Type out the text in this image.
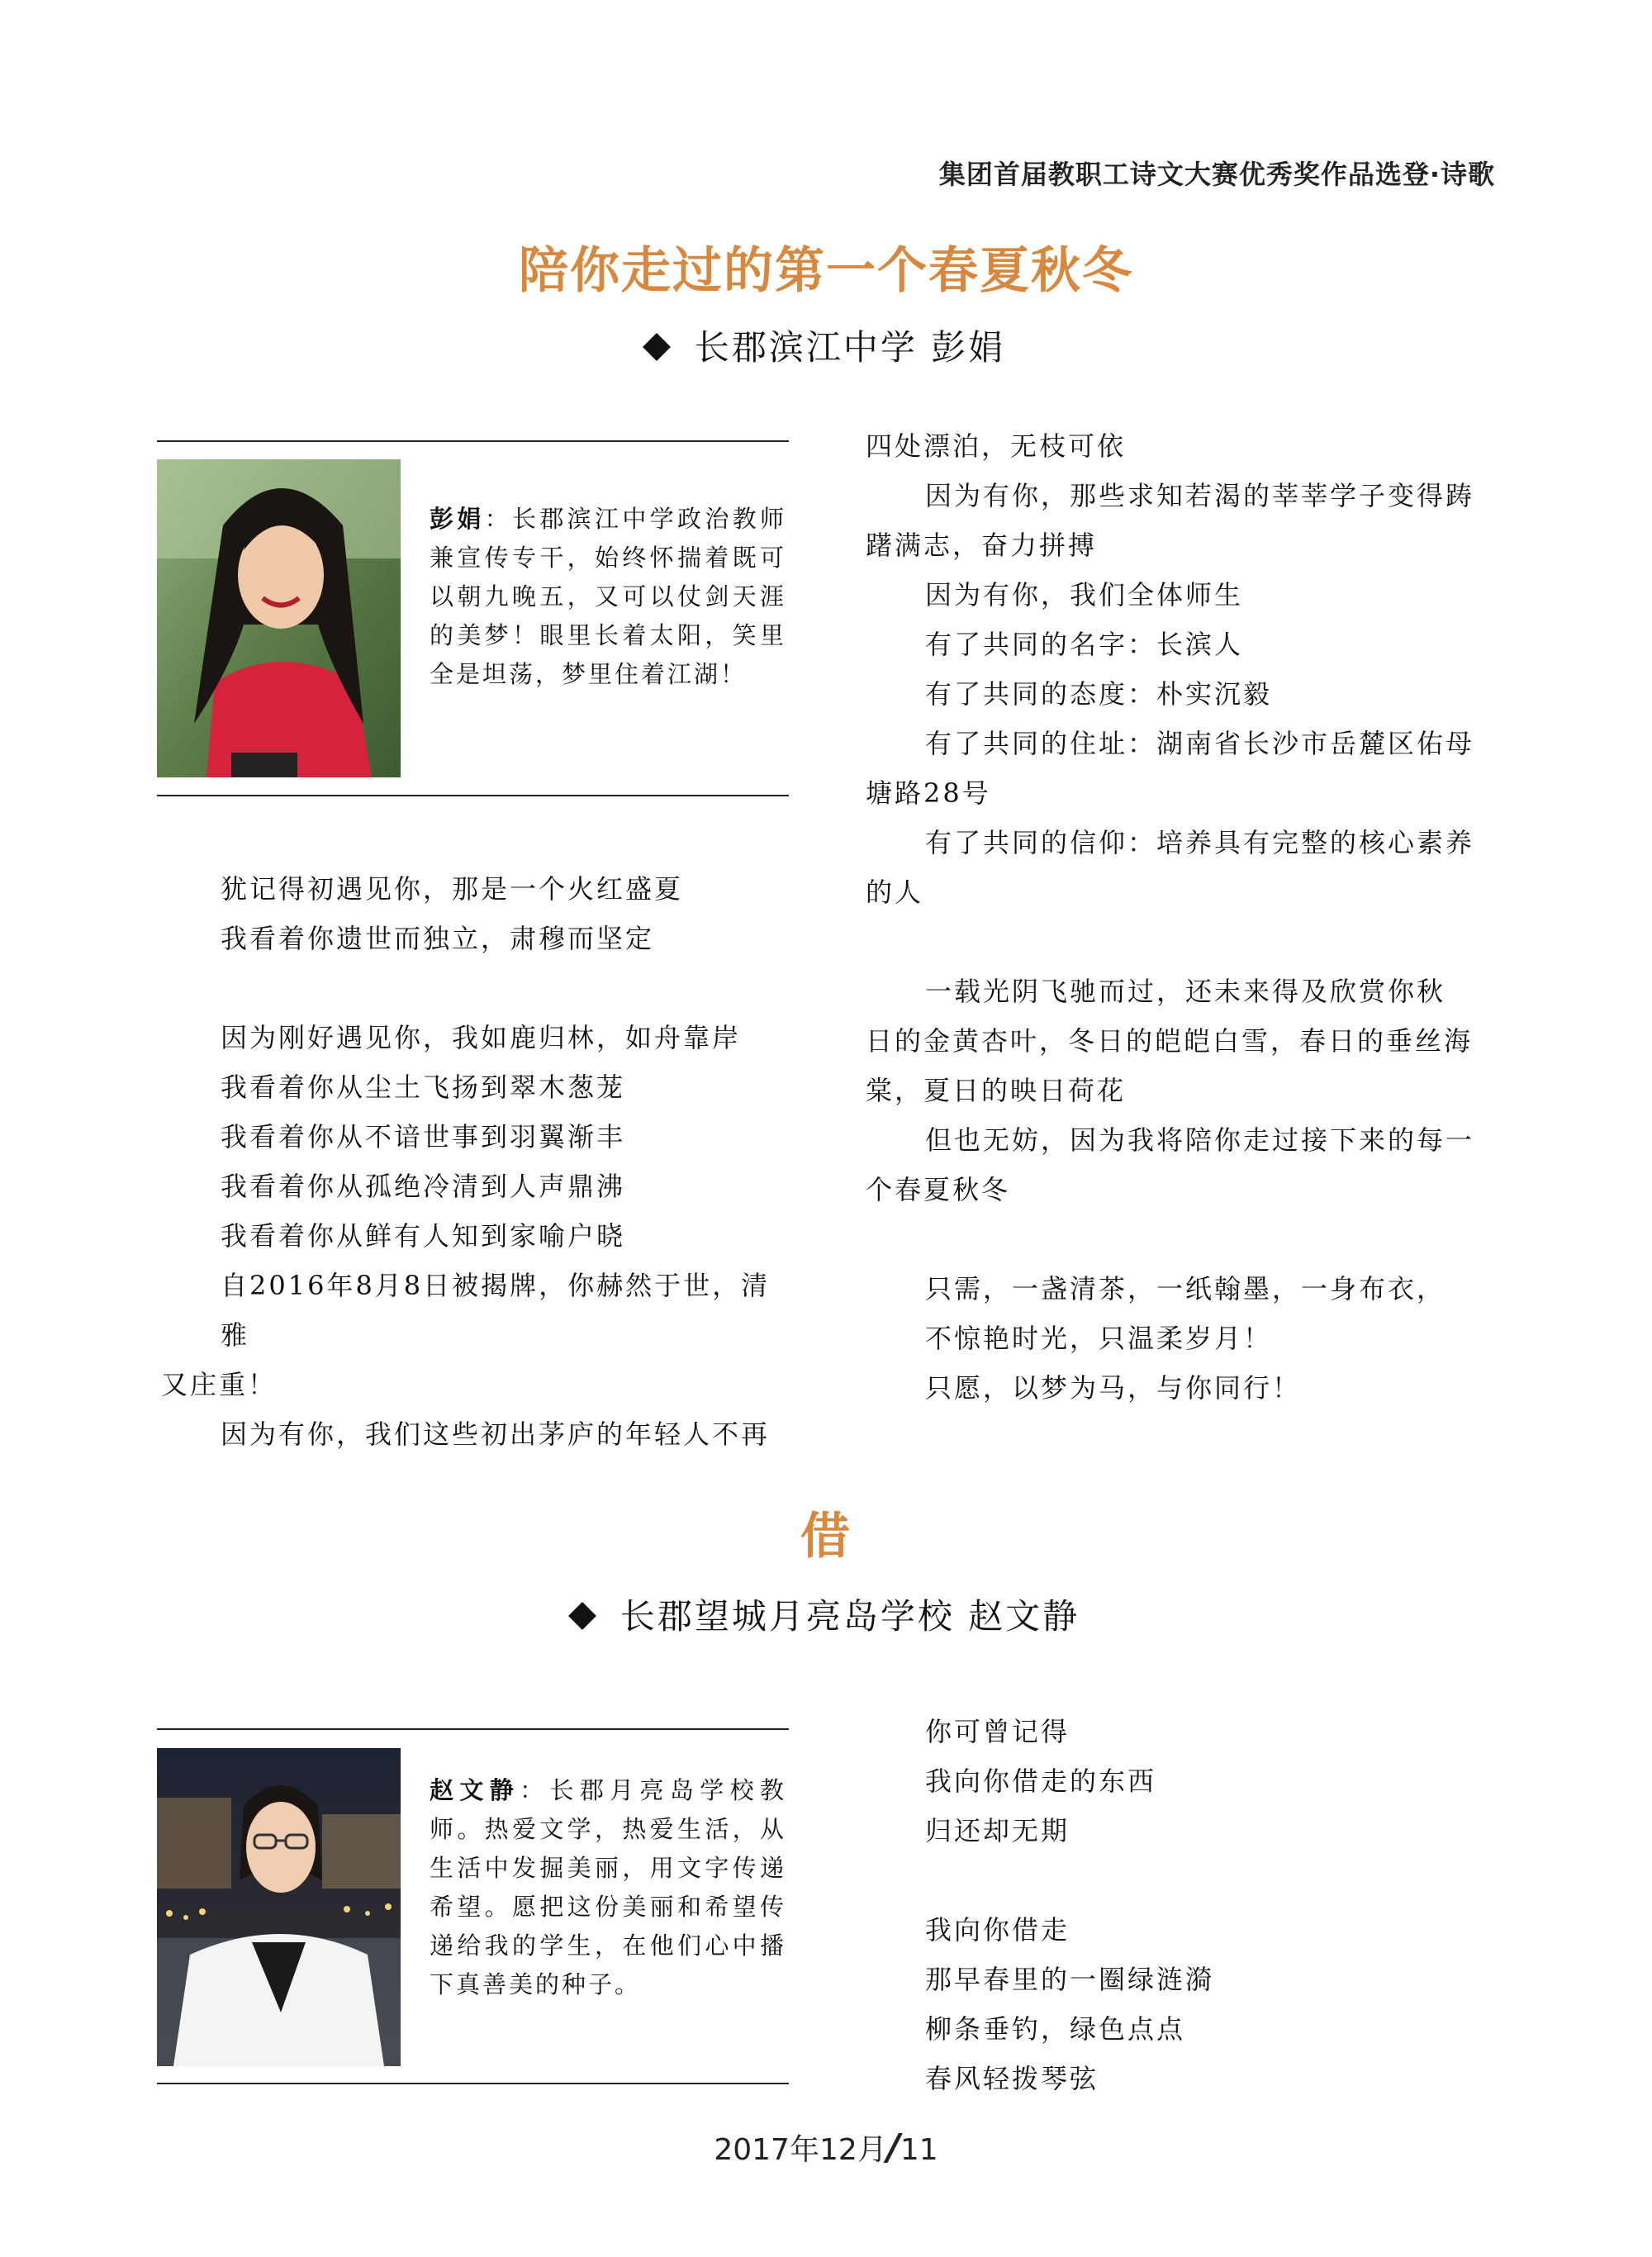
集团首届教职工诗文大赛优秀奖作品选登·诗歌
陪你走过的第一个春夏秋冬
长郡滨江中学 彭娟
彭娟：长郡滨江中学政治教师兼宣传专干，始终怀揣着既可以朝九晚五，又可以仗剑天涯的美梦！眼里长着太阳，笑里全是坦荡，梦里住着江湖！

犹记得初遇见你，那是一个火红盛夏

我看着你遗世而独立，肃穆而坚定

因为刚好遇见你，我如鹿归林，如舟靠岸

我看着你从尘土飞扬到翠木葱茏

我看着你从不谙世事到羽翼渐丰

我看着你从孤绝冷清到人声鼎沸

我看着你从鲜有人知到家喻户晓

自2016年8月8日被揭牌，你赫然于世，清雅

又庄重！

因为有你，我们这些初出茅庐的年轻人不再

四处漂泊，无枝可依

因为有你，那些求知若渴的莘莘学子变得踌

躇满志，奋力拼搏

因为有你，我们全体师生

有了共同的名字：长滨人

有了共同的态度：朴实沉毅

有了共同的住址：湖南省长沙市岳麓区佑母

塘路28号

有了共同的信仰：培养具有完整的核心素养

的人

一载光阴飞驰而过，还未来得及欣赏你秋

日的金黄杏叶，冬日的皑皑白雪，春日的垂丝海

棠，夏日的映日荷花

但也无妨，因为我将陪你走过接下来的每一

个春夏秋冬

只需，一盏清茶，一纸翰墨，一身布衣，

不惊艳时光，只温柔岁月！

只愿，以梦为马，与你同行！

借
长郡望城月亮岛学校 赵文静
赵文静：长郡月亮岛学校教师。热爱文学，热爱生活，从生活中发掘美丽，用文字传递希望。愿把这份美丽和希望传递给我的学生，在他们心中播下真善美的种子。

你可曾记得

我向你借走的东西

归还却无期

我向你借走

那早春里的一圈绿涟漪

柳条垂钓，绿色点点

春风轻拨琴弦

2017年12月/11
